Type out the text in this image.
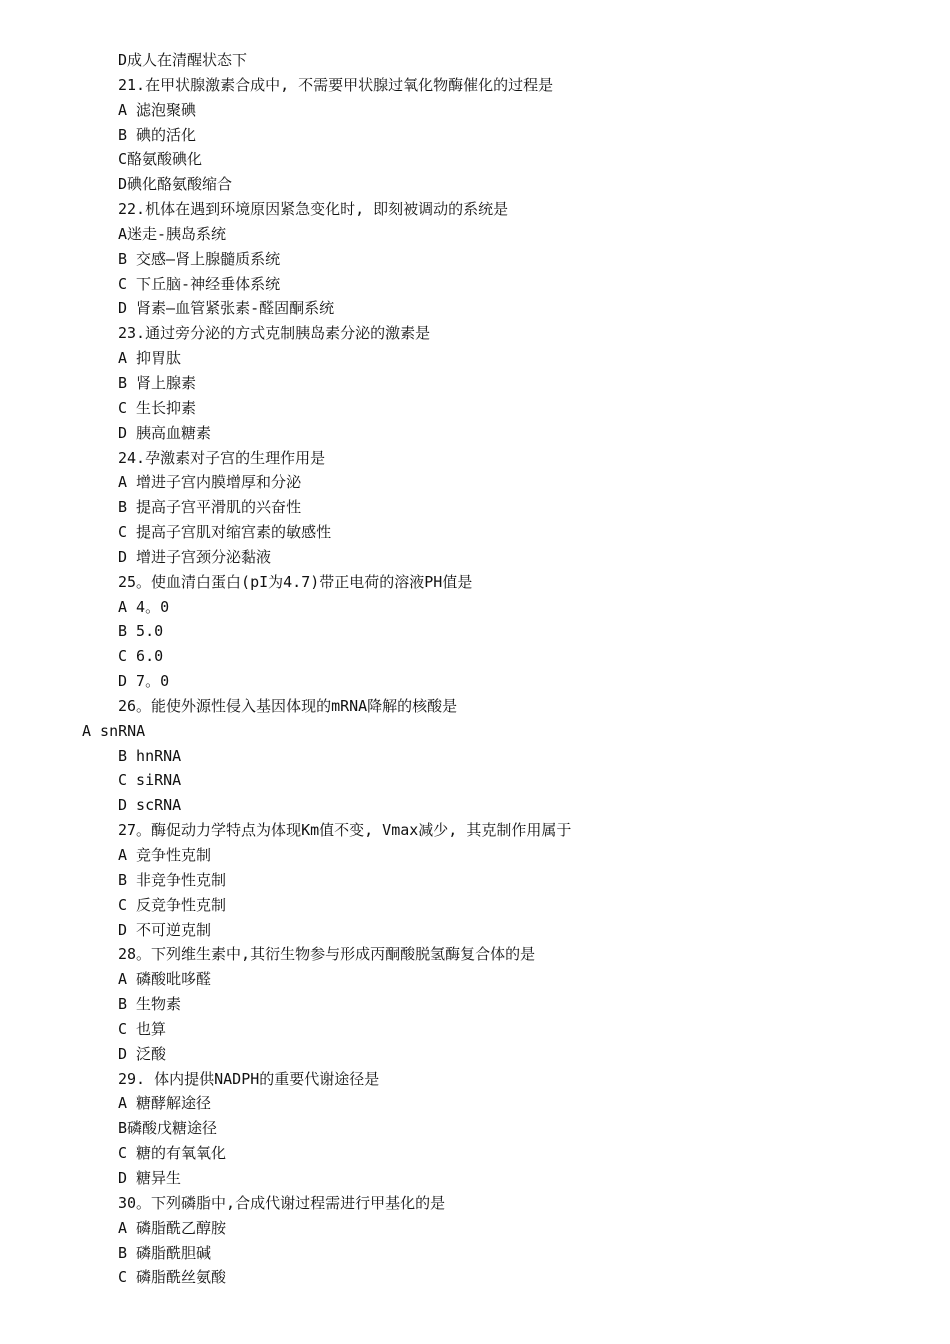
D成人在清醒状态下
21.在甲状腺激素合成中, 不需要甲状腺过氧化物酶催化的过程是
A 滤泡聚碘
B 碘的活化
C酪氨酸碘化
D碘化酪氨酸缩合
22.机体在遇到环境原因紧急变化时, 即刻被调动的系统是
A迷走-胰岛系统
B 交感—肾上腺髓质系统
C 下丘脑-神经垂体系统
D 肾素—血管紧张素-醛固酮系统
23.通过旁分泌的方式克制胰岛素分泌的激素是
A 抑胃肽
B 肾上腺素
C 生长抑素
D 胰高血糖素
24.孕激素对子宫的生理作用是
A 增进子宫内膜增厚和分泌
B 提高子宫平滑肌的兴奋性
C 提高子宫肌对缩宫素的敏感性
D 增进子宫颈分泌黏液
25。使血清白蛋白(pI为4.7)带正电荷的溶液PH值是
A 4。0
B 5.0
C 6.0
D 7。0
26。能使外源性侵入基因体现的mRNA降解的核酸是
A snRNA
B hnRNA
C siRNA
D scRNA
27。酶促动力学特点为体现Km值不变, Vmax减少, 其克制作用属于
A 竞争性克制
B 非竞争性克制
C 反竞争性克制
D 不可逆克制
28。下列维生素中,其衍生物参与形成丙酮酸脱氢酶复合体的是
A 磷酸吡哆醛
B 生物素
C 也算
D 泛酸
29. 体内提供NADPH的重要代谢途径是
A 糖酵解途径
B磷酸戊糖途径
C 糖的有氧氧化
D 糖异生
30。下列磷脂中,合成代谢过程需进行甲基化的是
A 磷脂酰乙醇胺
B 磷脂酰胆碱
C 磷脂酰丝氨酸
